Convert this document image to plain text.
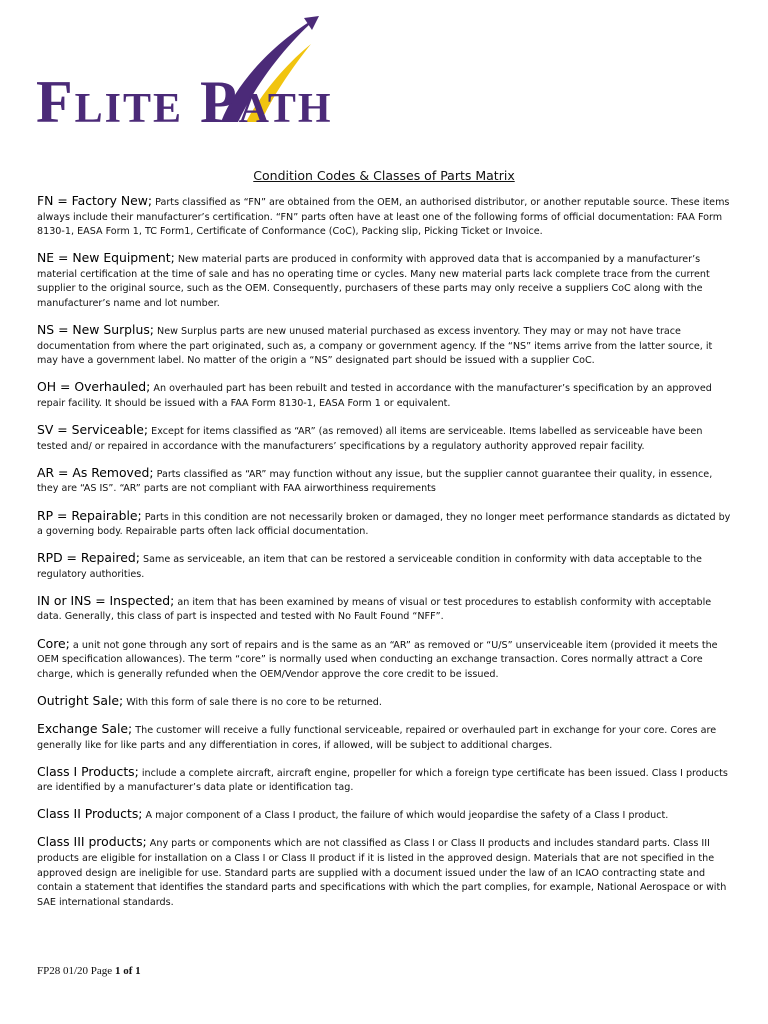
Flite Path
Condition Codes & Classes of Parts Matrix

FN = Factory New; Parts classified as “FN” are obtained from the OEM, an authorised distributor, or another reputable source. These items always include their manufacturer’s certification. “FN” parts often have at least one of the following forms of official documentation: FAA Form 8130-1, EASA Form 1, TC Form1, Certificate of Conformance (CoC), Packing slip, Picking Ticket or Invoice.

NE = New Equipment; New material parts are produced in conformity with approved data that is accompanied by a manufacturer’s material certification at the time of sale and has no operating time or cycles. Many new material parts lack complete trace from the current supplier to the original source, such as the OEM. Consequently, purchasers of these parts may only receive a suppliers CoC along with the manufacturer’s name and lot number.

NS = New Surplus; New Surplus parts are new unused material purchased as excess inventory. They may or may not have trace documentation from where the part originated, such as, a company or government agency. If the “NS” items arrive from the latter source, it may have a government label. No matter of the origin a “NS” designated part should be issued with a supplier CoC.

OH = Overhauled; An overhauled part has been rebuilt and tested in accordance with the manufacturer’s specification by an approved repair facility. It should be issued with a FAA Form 8130-1, EASA Form 1 or equivalent.

SV = Serviceable; Except for items classified as “AR” (as removed) all items are serviceable. Items labelled as serviceable have been tested and/ or repaired in accordance with the manufacturers’ specifications by a regulatory authority approved repair facility.

AR = As Removed; Parts classified as “AR” may function without any issue, but the supplier cannot guarantee their quality, in essence, they are “AS IS”. “AR” parts are not compliant with FAA airworthiness requirements

RP = Repairable; Parts in this condition are not necessarily broken or damaged, they no longer meet performance standards as dictated by a governing body. Repairable parts often lack official documentation.

RPD = Repaired; Same as serviceable, an item that can be restored a serviceable condition in conformity with data acceptable to the regulatory authorities.

IN or INS = Inspected; an item that has been examined by means of visual or test procedures to establish conformity with acceptable data. Generally, this class of part is inspected and tested with No Fault Found “NFF”.

Core; a unit not gone through any sort of repairs and is the same as an “AR” as removed or “U/S” unserviceable item (provided it meets the OEM specification allowances). The term “core” is normally used when conducting an exchange transaction. Cores normally attract a Core charge, which is generally refunded when the OEM/Vendor approve the core credit to be issued.

Outright Sale; With this form of sale there is no core to be returned.

Exchange Sale; The customer will receive a fully functional serviceable, repaired or overhauled part in exchange for your core. Cores are generally like for like parts and any differentiation in cores, if allowed, will be subject to additional charges.

Class I Products; include a complete aircraft, aircraft engine, propeller for which a foreign type certificate has been issued. Class I products are identified by a manufacturer’s data plate or identification tag.

Class II Products; A major component of a Class I product, the failure of which would jeopardise the safety of a Class I product.

Class III products; Any parts or components which are not classified as Class I or Class II products and includes standard parts. Class III products are eligible for installation on a Class I or Class II product if it is listed in the approved design. Materials that are not specified in the approved design are ineligible for use. Standard parts are supplied with a document issued under the law of an ICAO contracting state and contain a statement that identifies the standard parts and specifications with which the part complies, for example, National Aerospace or with SAE international standards.

FP28 01/20 Page 1 of 1
